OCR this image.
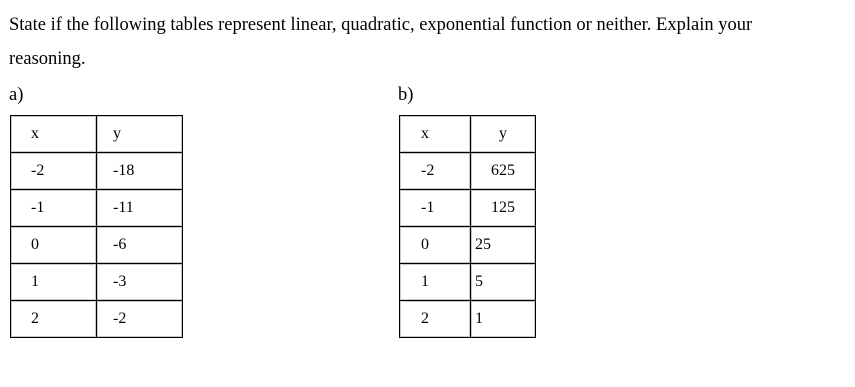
State if the following tables represent linear, quadratic, exponential function or neither. Explain your
reasoning.
a)	b)
x	y

-2	-18

-1	-11

0	-6

1	-3

2	-2
x	y

-2	625

-1	125

0	25

1	5

2	1
